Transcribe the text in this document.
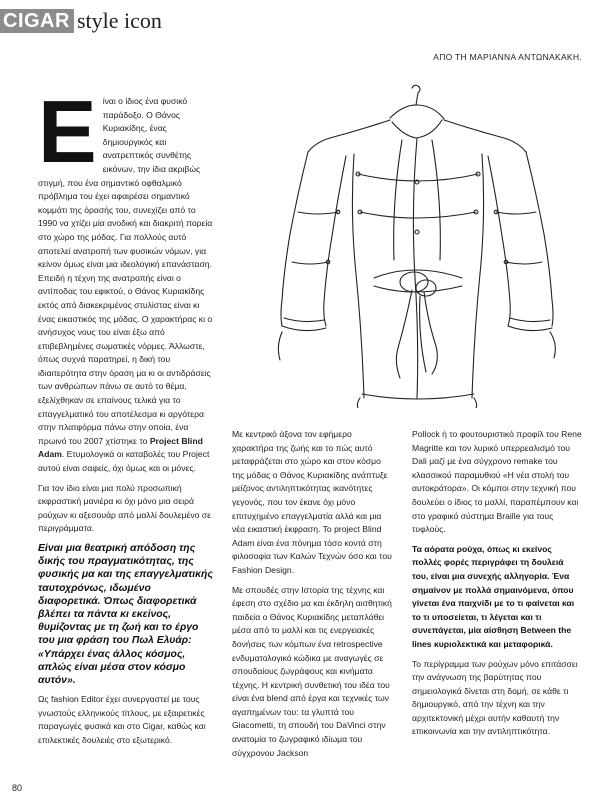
CIGAR style icon
ΑΠΟ ΤΗ ΜΑΡΙΑΝΝΑ ΑΝΤΩΝΑΚΑΚΗ.

Είναι ο ίδιος ένα φυσικό παράδοξο. Ο Θάνος Κυριακίδης, ένας δημιουργικός και ανατρεπτικός συνθέτης εικόνων, την ίδια ακριβώς στιγμή, που ένα σημαντικό οφθαλμικό πρόβλημα του έχει αφαιρέσει σημαντικό κομμάτι της όρασής του, συνεχίζει από το 1990 να χτίζει μία ανοδική και διακριτή πορεία στο χώρο της μόδας. Για πολλούς αυτό αποτελεί ανατροπή των φυσικών νόμων, για κείνον όμως είναι μια ιδεολογική επανάσταση. Επειδή η τέχνη της ανατροπής είναι ο αντίποδας του εφικτού, ο Θάνος Κυριακίδης εκτός από διακεκριμένος στυλίστας είναι κι ένας εικαστικός της μόδας. Ο χαρακτήρας κι ο ανήσυχος νους του είναι έξω από επιβεβλημένες σωματικές νόρμες. Άλλωστε, όπως συχνά παρατηρεί, η δική του ιδιαιτερότητα στην όραση μα κι οι αντιδράσεις των ανθρώπων πάνω σε αυτό το θέμα, εξελίχθηκαν σε επαίνους τελικά για το επαγγελματικό του αποτέλεσμα κι αργότερα στην πλατφόρμα πάνω στην οποία, ένα πρωινό του 2007 χτίστηκε το Project Blind Adam. Ετυμολογικά οι καταβολές του Project αυτού είναι σαφείς, όχι όμως και οι μόνες.

Για τον ίδιο είναι μια πολύ προσωπική εκφραστική μανιέρα κι όχι μόνο μια σειρά ρούχων κι αξεσουάρ από μαλλί δουλεμένο σε περιγράμματα.

Είναι μια θεατρική απόδοση της δικής του πραγματικότητας, της φυσικής μα και της επαγγελματικής ταυτοχρόνως, ιδωμένο διαφορετικά. Όπως διαφορετικά βλέπει τα πάντα κι εκείνος, θυμίζοντας με τη ζωή και το έργο του μια φράση του Πωλ Ελυάρ: «Υπάρχει ένας άλλος κόσμος, απλώς είναι μέσα στον κόσμο αυτόν».

Ως fashion Editor έχει συνεργαστεί με τους γνωστούς ελληνικούς τίτλους, με εξαιρετικές παραγωγές φυσικά και στο Cigar, καθώς και επιλεκτικές δουλειές στο εξωτερικό.

Με κεντρικό άξονα τον εφήμερο χαρακτήρα της ζωής και το πώς αυτό μεταφράζεται στο χώρο και στον κόσμο της μόδας ο Θάνος Κυριακίδης ανάπτυξε μείζονος αντιληπτικότητας ικανότητες γεγονός, που τον έκανε όχι μόνο επιτυχημένο επαγγελματία αλλά και μια νέα εικαστική έκφραση. Το project Blind Adam είναι ένα πόνημα τόσο κοντά στη φιλοσοφία των Καλών Τεχνών όσο και του Fashion Design.

Με σπουδές στην Ιστορία της τέχνης και έφεση στο σχέδιο μα και έκδηλη αισθητική παιδεία ο Θάνος Κυριακίδης μεταπλάθει μέσα από το μαλλί και τις ενεργειακές δονήσεις των κόμπων ένα retrospective ενδυματολογικό κώδικα με αναγωγές σε σπουδαίους ζωγράφους και κινήματα τέχνης. Η κεντρική συνθετική του ιδέα του είναι ένα blend από έργα και τεχνικές των αγαπημένων του: τα γλυπτά του Giacometti, τη σπουδή του DaVinci στην ανατομία το ζωγραφικό ιδίωμα του σύγχρονου Jackson

Pollock ή το φουτουριστικό προφίλ του Rene Magritte και τον λυρικό υπερρεαλισμό του Dali μαζί με ένα σύγχρονο remake του κλασσικού παραμυθιού «Η νέα στολή του αυτοκράτορα». Οι κόμποι στην τεχνική που δουλεύει ο ίδιος το μαλλί, παραπέμπουν και στο γραφικό σύστημα Braille για τους τυφλούς.

Τα αόρατα ρούχα, όπως κι εκείνος πολλές φορές περιγράφει τη δουλειά του, είναι μια συνεχής αλληγορία. Ένα σημαίνον με πολλά σημαινόμενα, όπου γίνεται ένα παιχνίδι με το τι φαίνεται και το τι υποσείεται, τι λέγεται και τι συνεπάγεται, μία αίσθηση Between the lines κυριολεκτικά και μεταφορικά.

Το περίγραμμα των ρούχων μόνο επιτάσσει την ανάγνωση της βαρύτητας που σημειολογικά δίνεται στη δομή, σε κάθε τι δημιουργικό, από την τέχνη και την αρχιτεκτονική μέχρι αυτήν καθαυτή την επικοινωνία και την αντιληπτικότητα.

80
